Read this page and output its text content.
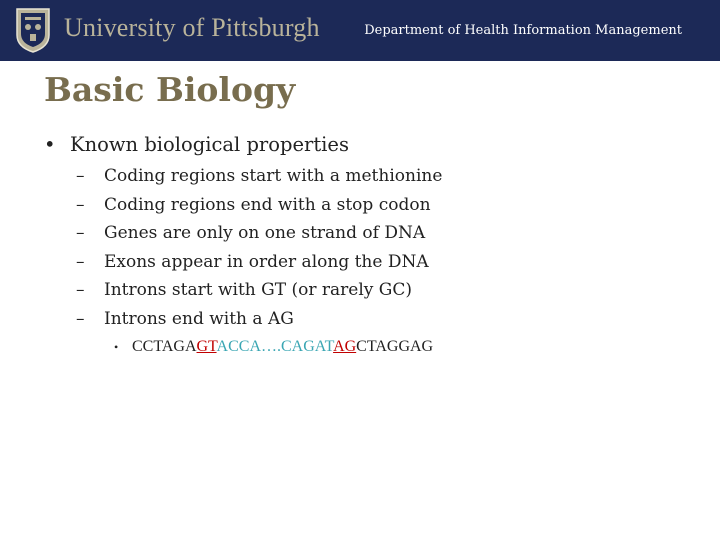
University of Pittsburgh	Department of Health Information Management
Basic Biology
• Known biological properties
– Coding regions start with a methionine
– Coding regions end with a stop codon
– Genes are only on one strand of DNA
– Exons appear in order along the DNA
– Introns start with GT (or rarely GC)
– Introns end with a AG
• CCTAGAGTACCA….CAGATAGCTAGGAG
